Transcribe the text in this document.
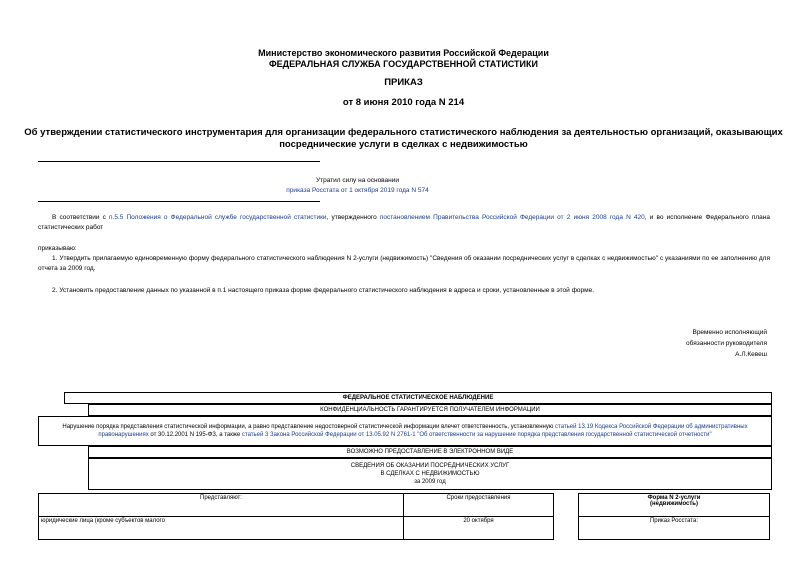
Министерство экономического развития Российской Федерации
ФЕДЕРАЛЬНАЯ СЛУЖБА ГОСУДАРСТВЕННОЙ СТАТИСТИКИ
ПРИКАЗ
от 8 июня 2010 года N 214
Об утверждении статистического инструментария для организации федерального статистического наблюдения за деятельностью организаций, оказывающих посреднические услуги в сделках с недвижимостью
Утратил силу на основании
приказа Росстата от 1 октября 2019 года N 574
В соответствии с п.5.5 Положения о Федеральной службе государственной статистики, утвержденного постановлением Правительства Российской Федерации от 2 июня 2008 года N 420, и во исполнение Федерального плана статистических работ
приказываю:
1. Утвердить прилагаемую единовременную форму федерального статистического наблюдения N 2-услуги (недвижимость) "Сведения об оказании посреднических услуг в сделках с недвижимостью" с указаниями по ее заполнению для отчета за 2009 год.
2. Установить предоставление данных по указанной в п.1 настоящего приказа форме федерального статистического наблюдения в адреса и сроки, установленные в этой форме.
Временно исполняющий
обязанности руководителя
А.Л.Кевеш
ФЕДЕРАЛЬНОЕ СТАТИСТИЧЕСКОЕ НАБЛЮДЕНИЕ
КОНФИДЕНЦИАЛЬНОСТЬ ГАРАНТИРУЕТСЯ ПОЛУЧАТЕЛЕМ ИНФОРМАЦИИ
Нарушение порядка представления статистической информации, а равно представление недостоверной статистической информации влечет ответственность, установленную статьей 13.19 Кодекса Российской Федерации об административных правонарушениях от 30.12.2001 N 195-ФЗ, а также статьей 3 Закона Российской Федерации от 13.05.92 N 2761-1 "Об ответственности за нарушение порядка представления государственной статистической отчетности"
ВОЗМОЖНО ПРЕДОСТАВЛЕНИЕ В ЭЛЕКТРОННОМ ВИДЕ
СВЕДЕНИЯ ОБ ОКАЗАНИИ ПОСРЕДНИЧЕСКИХ УСЛУГ
В СДЕЛКАХ С НЕДВИЖИМОСТЬЮ
за 2009 год
Представляют:	Сроки предоставления		Форма N 2-услуги
(недвижимость)

юридические лица (кроме субъектов малого	20 октября		Приказ Росстата:
